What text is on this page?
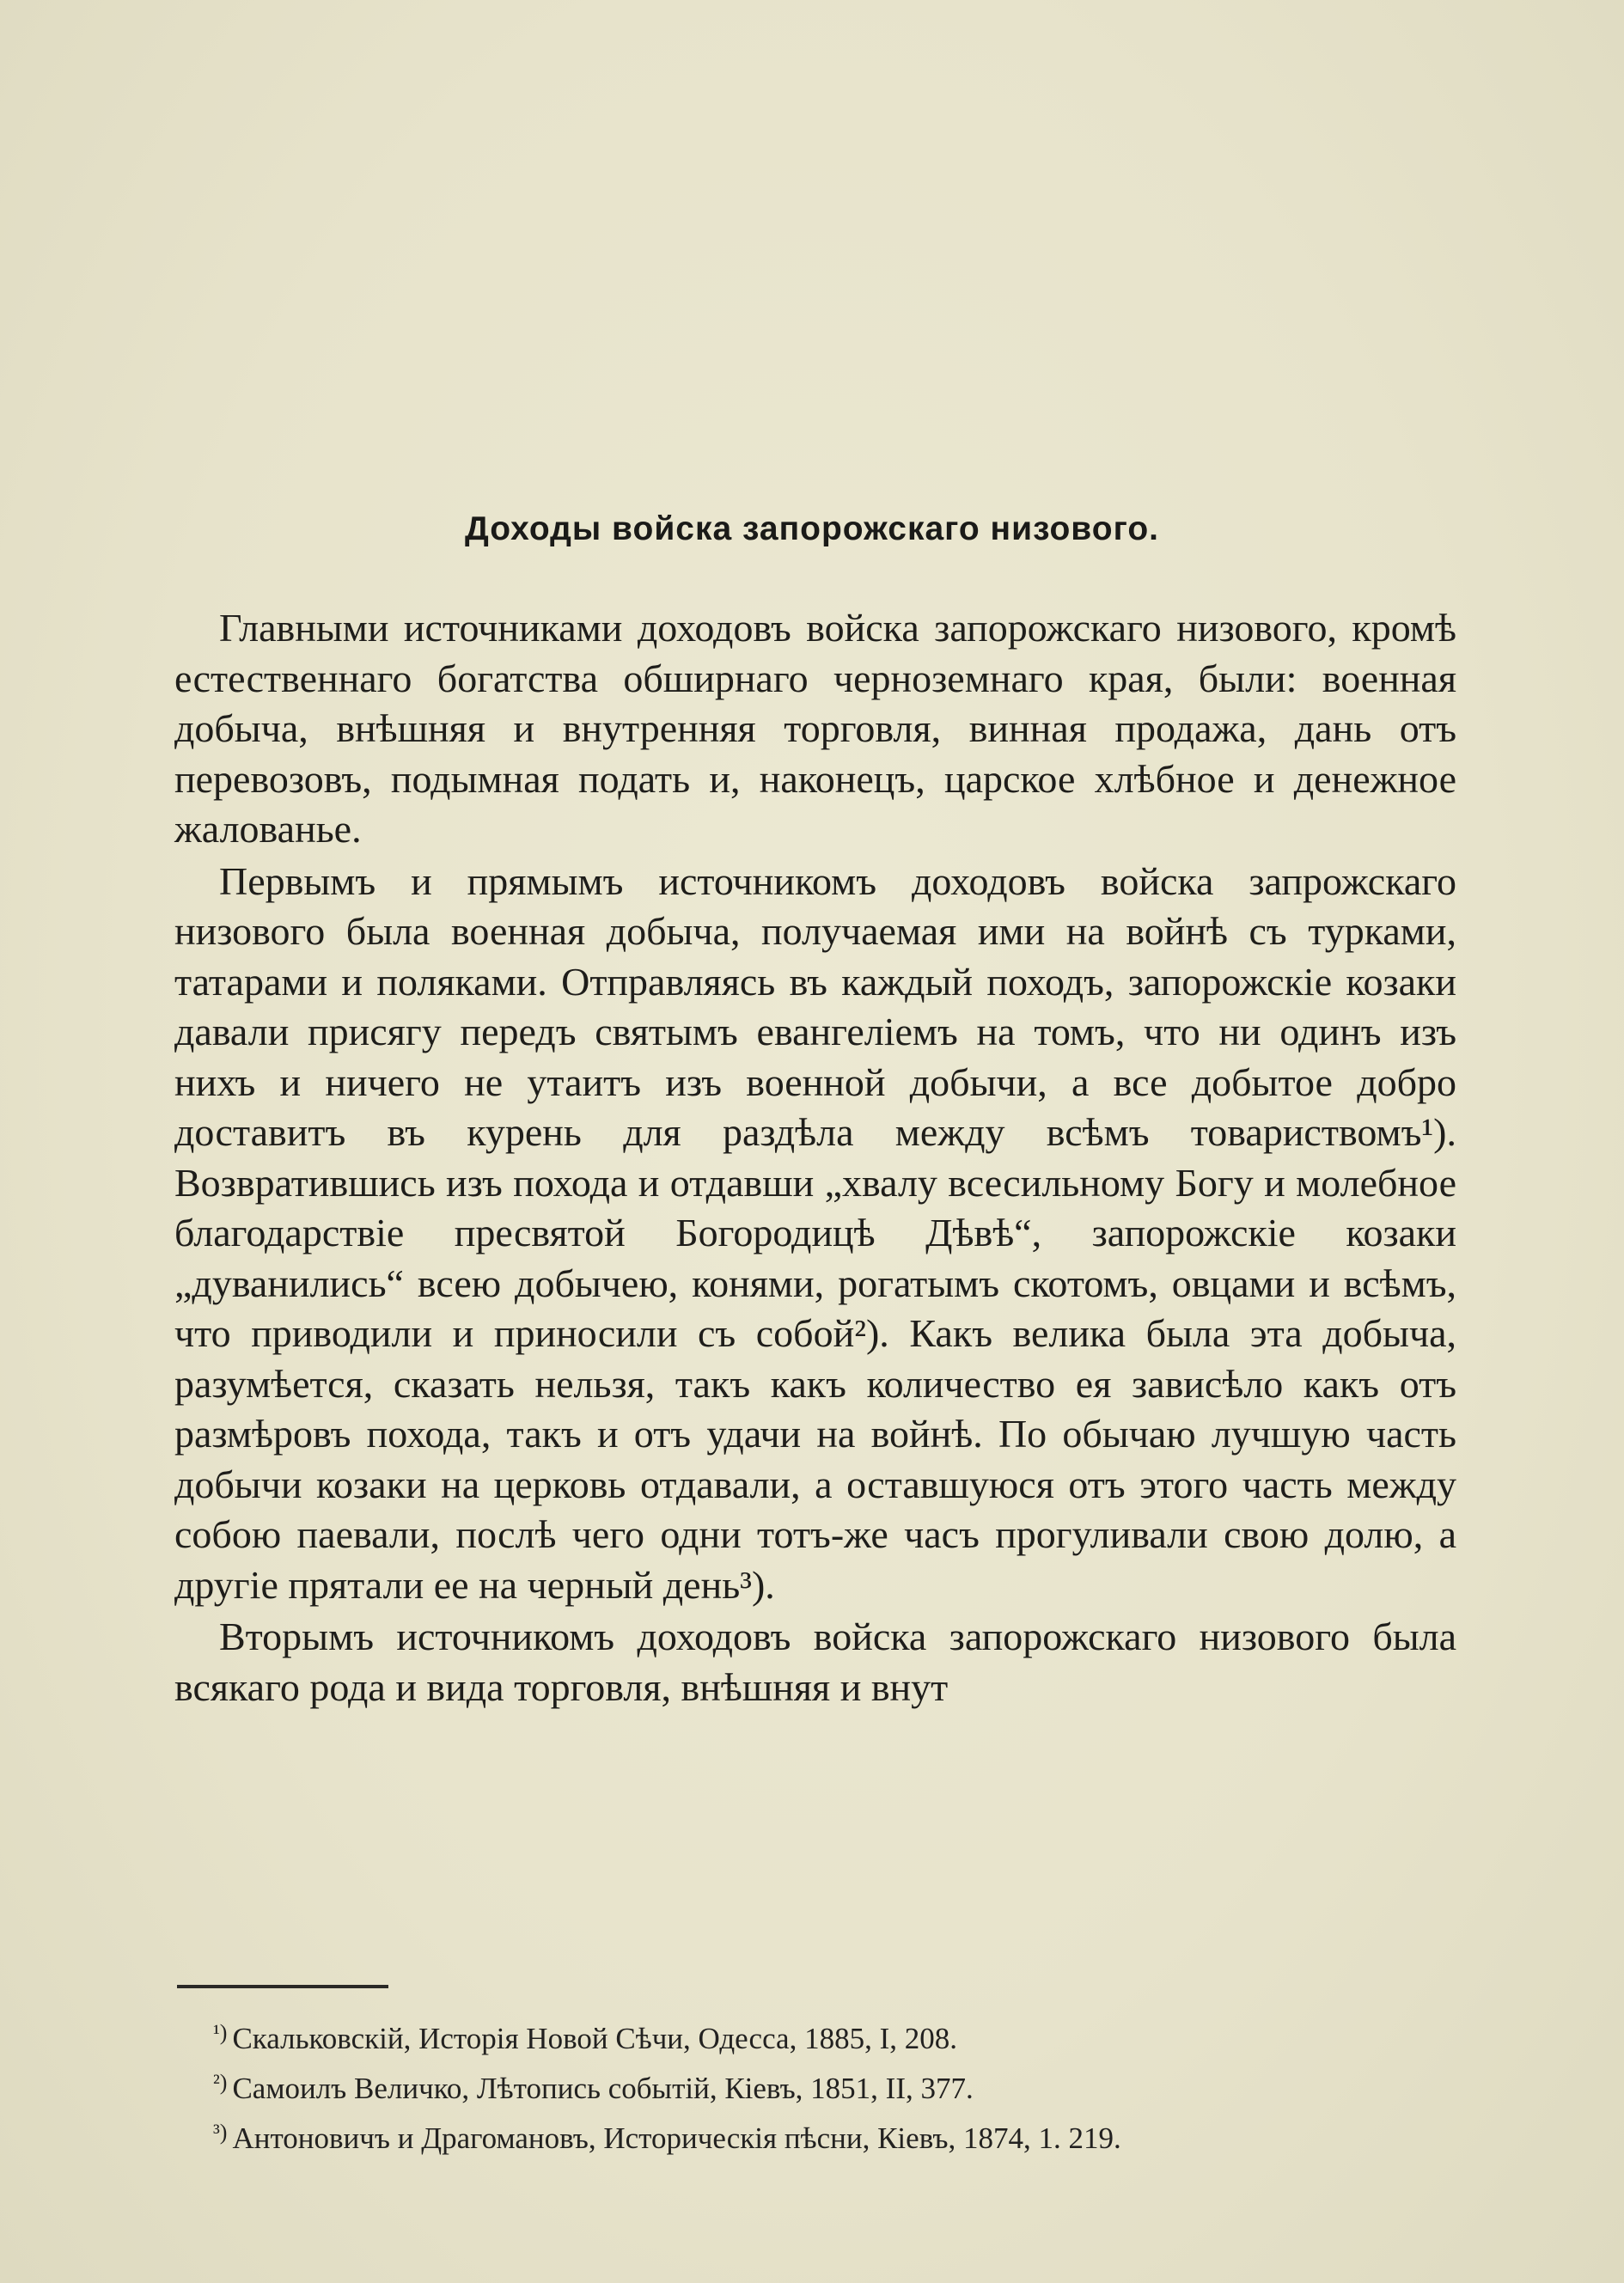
Доходы войска запорожскаго низового.

Главными источниками доходовъ войска запорожскаго низового, кромѣ естественнаго богатства обширнаго черноземнаго края, были: военная добыча, внѣшняя и внутренняя торговля, винная продажа, дань отъ перевозовъ, подымная подать и, наконецъ, царское хлѣбное и денежное жалованье.

Первымъ и прямымъ источникомъ доходовъ войска запрожскаго низового была военная добыча, получаемая ими на войнѣ съ турками, татарами и поляками. Отправляясь въ каждый походъ, запорожскіе козаки давали присягу передъ святымъ евангеліемъ на томъ, что ни одинъ изъ нихъ и ничего не утаитъ изъ военной добычи, а все добытое добро доставитъ въ курень для раздѣла между всѣмъ товариствомъ¹). Возвратившись изъ похода и отдавши „хвалу всесильному Богу и молебное благодарствіе пресвятой Богородицѣ Дѣвѣ“, запорожскіе козаки „дуванились“ всею добычею, конями, рогатымъ скотомъ, овцами и всѣмъ, что приводили и приносили съ собой²). Какъ велика была эта добыча, разумѣется, сказать нельзя, такъ какъ количество ея зависѣло какъ отъ размѣровъ похода, такъ и отъ удачи на войнѣ. По обычаю лучшую часть добычи козаки на церковь отдавали, а оставшуюся отъ этого часть между собою паевали, послѣ чего одни тотъ-же часъ прогуливали свою долю, а другіе прятали ее на черный день³).

Вторымъ источникомъ доходовъ войска запорожскаго низового была всякаго рода и вида торговля, внѣшняя и внут

$^{^1)}$ Скальковскій, Исторія Новой Сѣчи, Одесса, 1885, I, 208.
$^{^2)}$ Самоилъ Величко, Лѣтопись событій, Кіевъ, 1851, II, 377.
$^{^3)}$ Антоновичъ и Драгомановъ, Историческія пѣсни, Кіевъ, 1874, 1. 219.
